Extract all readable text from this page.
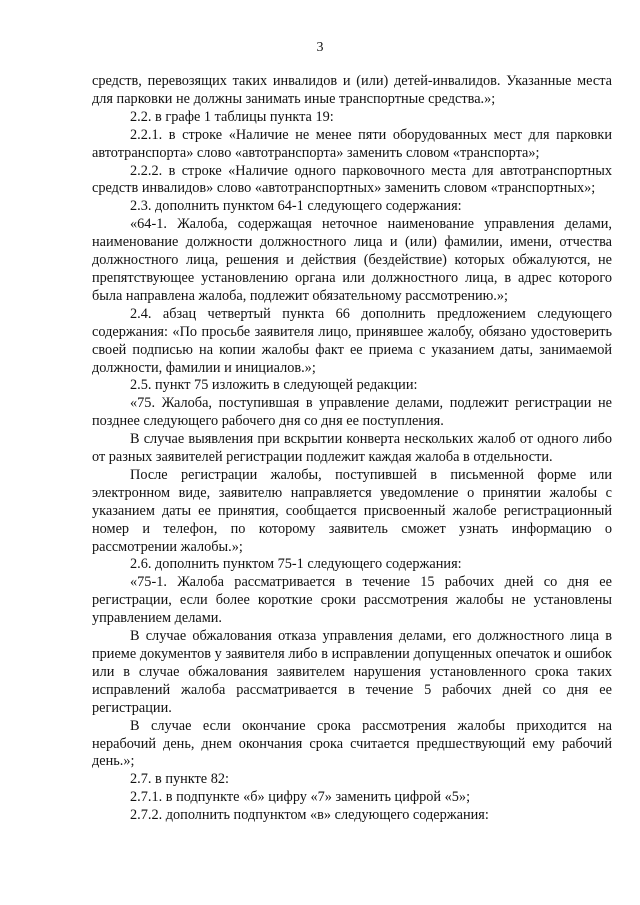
3

средств, перевозящих таких инвалидов и (или) детей-инвалидов. Указанные места для парковки не должны занимать иные транспортные средства.»;

2.2. в графе 1 таблицы пункта 19:

2.2.1. в строке «Наличие не менее пяти оборудованных мест для парковки автотранспорта» слово «автотранспорта» заменить словом «транспорта»;

2.2.2. в строке «Наличие одного парковочного места для автотранспортных средств инвалидов» слово «автотранспортных» заменить словом «транспортных»;

2.3. дополнить пунктом 64-1 следующего содержания:

«64-1. Жалоба, содержащая неточное наименование управления делами, наименование должности должностного лица и (или) фамилии, имени, отчества должностного лица, решения и действия (бездействие) которых обжалуются, не препятствующее установлению органа или должностного лица, в адрес которого была направлена жалоба, подлежит обязательному рассмотрению.»;

2.4. абзац четвертый пункта 66 дополнить предложением следующего содержания: «По просьбе заявителя лицо, принявшее жалобу, обязано удостоверить своей подписью на копии жалобы факт ее приема с указанием даты, занимаемой должности, фамилии и инициалов.»;

2.5. пункт 75 изложить в следующей редакции:

«75. Жалоба, поступившая в управление делами, подлежит регистрации не позднее следующего рабочего дня со дня ее поступления.

В случае выявления при вскрытии конверта нескольких жалоб от одного либо от разных заявителей регистрации подлежит каждая жалоба в отдельности.

После регистрации жалобы, поступившей в письменной форме или электронном виде, заявителю направляется уведомление о принятии жалобы с указанием даты ее принятия, сообщается присвоенный жалобе регистрационный номер и телефон, по которому заявитель сможет узнать информацию о рассмотрении жалобы.»;

2.6. дополнить пунктом 75-1 следующего содержания:

«75-1. Жалоба рассматривается в течение 15 рабочих дней со дня ее регистрации, если более короткие сроки рассмотрения жалобы не установлены управлением делами.

В случае обжалования отказа управления делами, его должностного лица в приеме документов у заявителя либо в исправлении допущенных опечаток и ошибок или в случае обжалования заявителем нарушения установленного срока таких исправлений жалоба рассматривается в течение 5 рабочих дней со дня ее регистрации.

В случае если окончание срока рассмотрения жалобы приходится на нерабочий день, днем окончания срока считается предшествующий ему рабочий день.»;

2.7. в пункте 82:

2.7.1. в подпункте «б» цифру «7» заменить цифрой «5»;

2.7.2. дополнить подпунктом «в» следующего содержания:
